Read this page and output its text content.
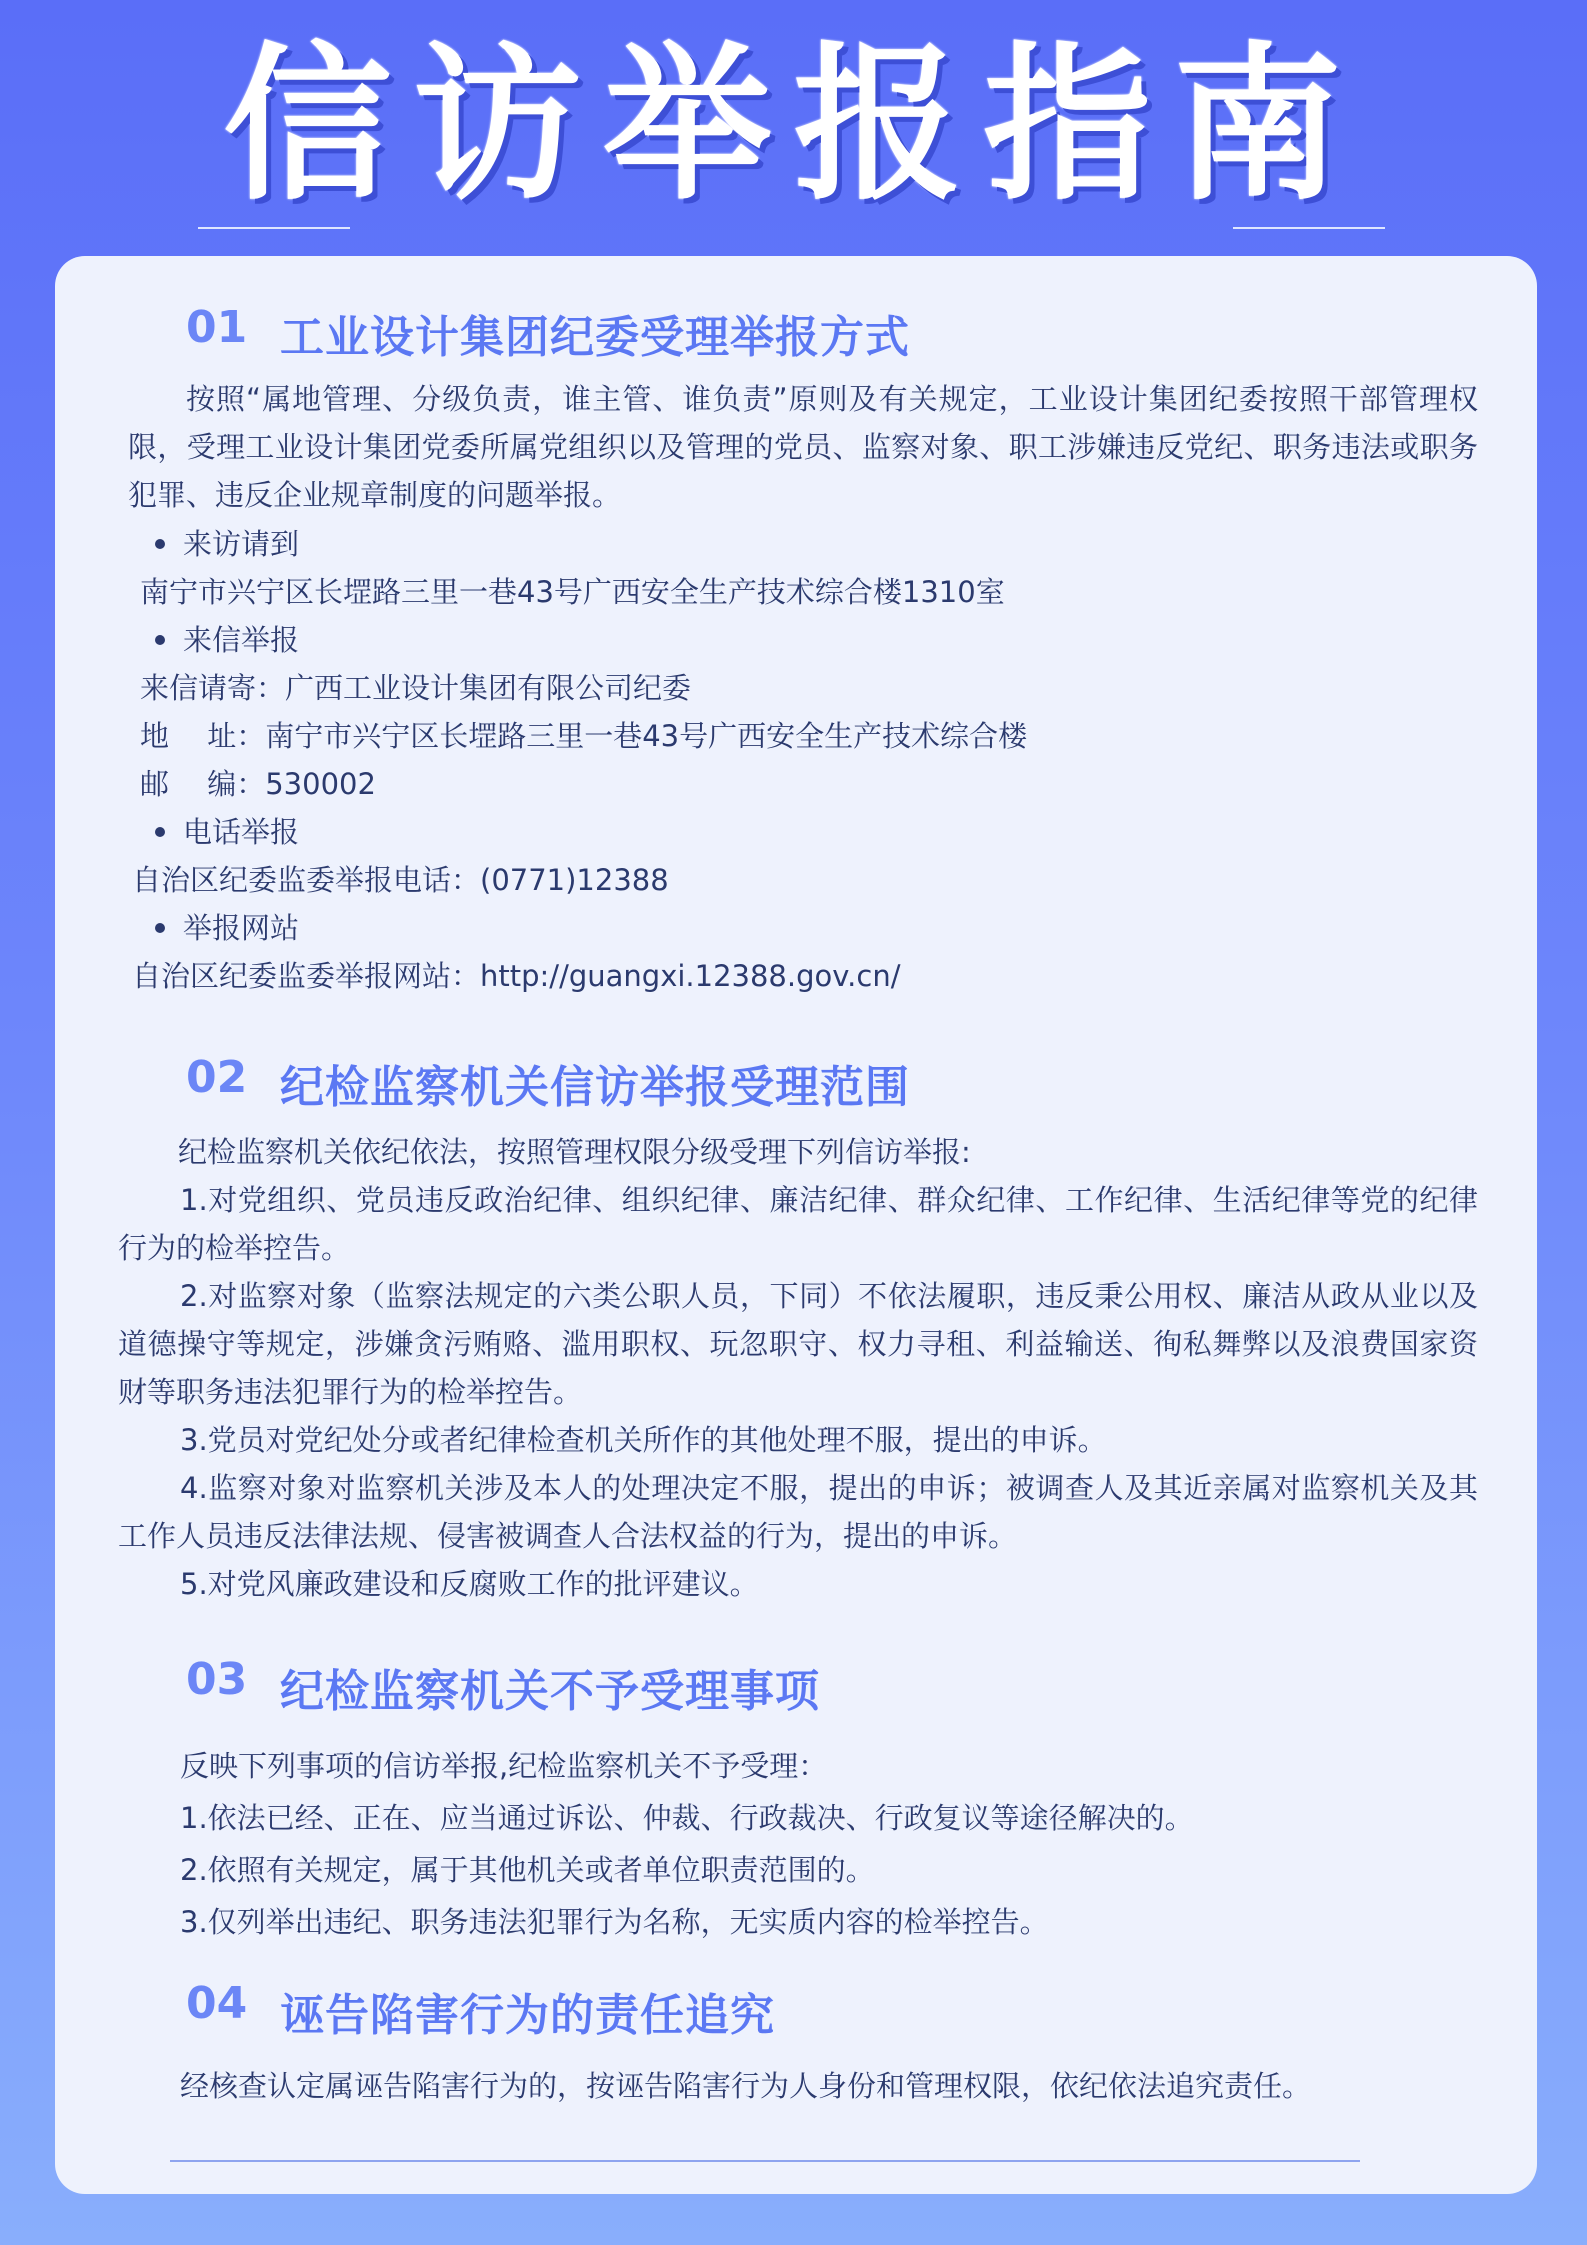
信访举报指南
01 工业设计集团纪委受理举报方式
按照“属地管理、分级负责，谁主管、谁负责”原则及有关规定，工业设计集团纪委按照干部管理权限，受理工业设计集团党委所属党组织以及管理的党员、监察对象、职工涉嫌违反党纪、职务违法或职务犯罪、违反企业规章制度的问题举报。
来访请到
南宁市兴宁区长堽路三里一巷43号广西安全生产技术综合楼1310室
来信举报
来信请寄：广西工业设计集团有限公司纪委
地　 址：南宁市兴宁区长堽路三里一巷43号广西安全生产技术综合楼
邮　 编：530002
电话举报
自治区纪委监委举报电话：(0771)12388
举报网站
自治区纪委监委举报网站：http://guangxi.12388.gov.cn/
02 纪检监察机关信访举报受理范围
纪检监察机关依纪依法，按照管理权限分级受理下列信访举报:
1.对党组织、党员违反政治纪律、组织纪律、廉洁纪律、群众纪律、工作纪律、生活纪律等党的纪律行为的检举控告。
2.对监察对象（监察法规定的六类公职人员，下同）不依法履职，违反秉公用权、廉洁从政从业以及道德操守等规定，涉嫌贪污贿赂、滥用职权、玩忽职守、权力寻租、利益输送、徇私舞弊以及浪费国家资财等职务违法犯罪行为的检举控告。
3.党员对党纪处分或者纪律检查机关所作的其他处理不服，提出的申诉。
4.监察对象对监察机关涉及本人的处理决定不服，提出的申诉；被调查人及其近亲属对监察机关及其工作人员违反法律法规、侵害被调查人合法权益的行为，提出的申诉。
5.对党风廉政建设和反腐败工作的批评建议。
03 纪检监察机关不予受理事项
反映下列事项的信访举报,纪检监察机关不予受理：
1.依法已经、正在、应当通过诉讼、仲裁、行政裁决、行政复议等途径解决的。
2.依照有关规定，属于其他机关或者单位职责范围的。
3.仅列举出违纪、职务违法犯罪行为名称，无实质内容的检举控告。
04 诬告陷害行为的责任追究
经核查认定属诬告陷害行为的，按诬告陷害行为人身份和管理权限，依纪依法追究责任。
